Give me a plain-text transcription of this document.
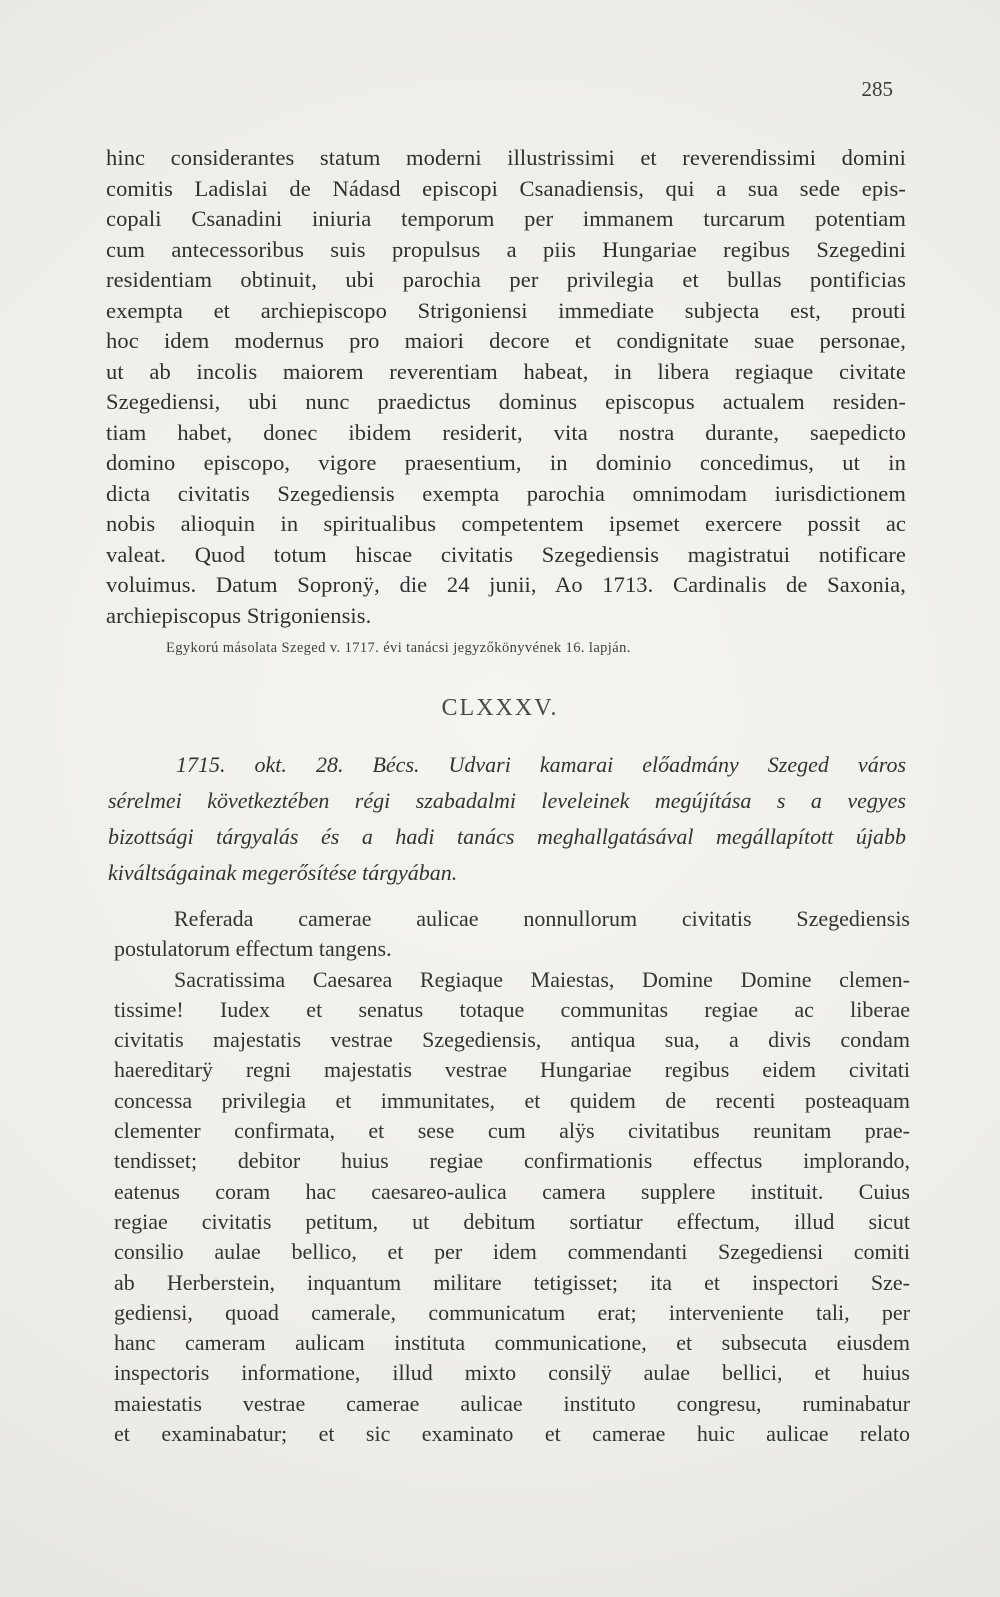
285
hinc considerantes statum moderni illustrissimi et reverendissimi domini
comitis Ladislai de Nádasd episcopi Csanadiensis, qui a sua sede epis-
copali Csanadini iniuria temporum per immanem turcarum potentiam
cum antecessoribus suis propulsus a piis Hungariae regibus Szegedini
residentiam obtinuit, ubi parochia per privilegia et bullas pontificias
exempta et archiepiscopo Strigoniensi immediate subjecta est, prouti
hoc idem modernus pro maiori decore et condignitate suae personae,
ut ab incolis maiorem reverentiam habeat, in libera regiaque civitate
Szegediensi, ubi nunc praedictus dominus episcopus actualem residen-
tiam habet, donec ibidem residerit, vita nostra durante, saepedicto
domino episcopo, vigore praesentium, in dominio concedimus, ut in
dicta civitatis Szegediensis exempta parochia omnimodam iurisdictionem
nobis alioquin in spiritualibus competentem ipsemet exercere possit ac
valeat. Quod totum hiscae civitatis Szegediensis magistratui notificare
voluimus. Datum Sopronÿ, die 24 junii, Ao 1713. Cardinalis de Saxonia,
archiepiscopus Strigoniensis.
Egykorú másolata Szeged v. 1717. évi tanácsi jegyzőkönyvének 16. lapján.
CLXXXV.
1715. okt. 28. Bécs. Udvari kamarai előadmány Szeged város
sérelmei következtében régi szabadalmi leveleinek megújítása s a vegyes
bizottsági tárgyalás és a hadi tanács meghallgatásával megállapított újabb
kiváltságainak megerősítése tárgyában.
Referada camerae aulicae nonnullorum civitatis Szegediensis
postulatorum effectum tangens.
Sacratissima Caesarea Regiaque Maiestas, Domine Domine clemen-
tissime! Iudex et senatus totaque communitas regiae ac liberae
civitatis majestatis vestrae Szegediensis, antiqua sua, a divis condam
haereditarÿ regni majestatis vestrae Hungariae regibus eidem civitati
concessa privilegia et immunitates, et quidem de recenti posteaquam
clementer confirmata, et sese cum alÿs civitatibus reunitam prae-
tendisset; debitor huius regiae confirmationis effectus implorando,
eatenus coram hac caesareo-aulica camera supplere instituit. Cuius
regiae civitatis petitum, ut debitum sortiatur effectum, illud sicut
consilio aulae bellico, et per idem commendanti Szegediensi comiti
ab Herberstein, inquantum militare tetigisset; ita et inspectori Sze-
gediensi, quoad camerale, communicatum erat; interveniente tali, per
hanc cameram aulicam instituta communicatione, et subsecuta eiusdem
inspectoris informatione, illud mixto consilÿ aulae bellici, et huius
maiestatis vestrae camerae aulicae instituto congresu, ruminabatur
et examinabatur; et sic examinato et camerae huic aulicae relato
